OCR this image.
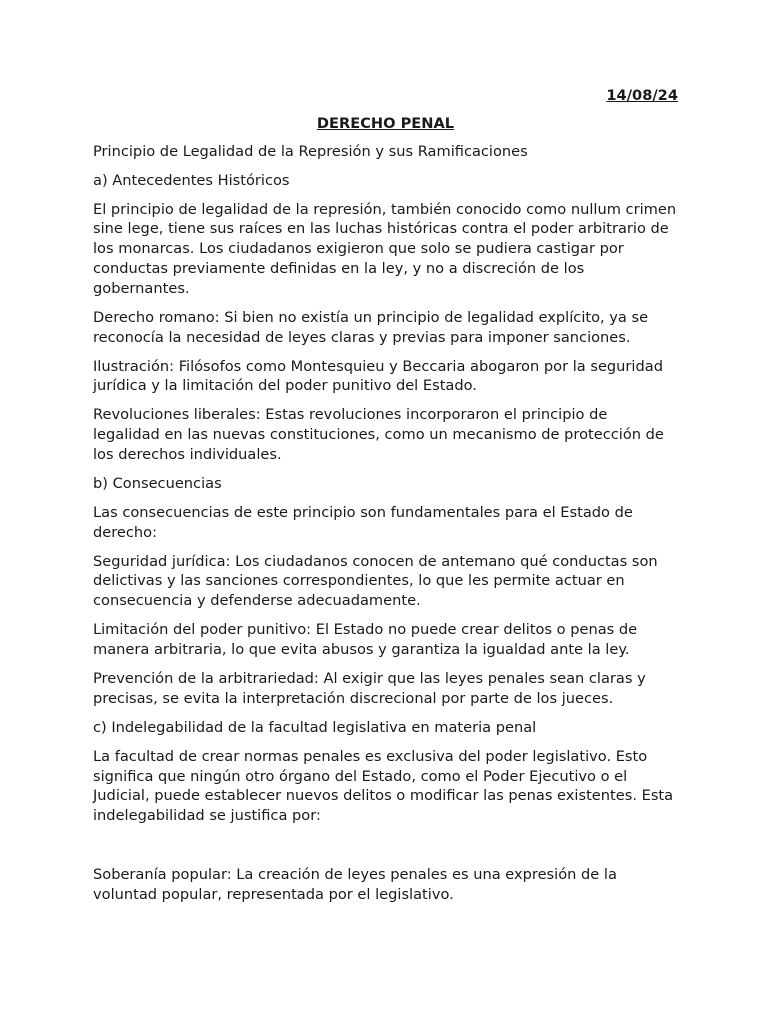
14/08/24
DERECHO PENAL

Principio de Legalidad de la Represión y sus Ramificaciones

a) Antecedentes Históricos

El principio de legalidad de la represión, también conocido como nullum crimen sine lege, tiene sus raíces en las luchas históricas contra el poder arbitrario de los monarcas. Los ciudadanos exigieron que solo se pudiera castigar por conductas previamente definidas en la ley, y no a discreción de los gobernantes.

Derecho romano: Si bien no existía un principio de legalidad explícito, ya se reconocía la necesidad de leyes claras y previas para imponer sanciones.

Ilustración: Filósofos como Montesquieu y Beccaria abogaron por la seguridad jurídica y la limitación del poder punitivo del Estado.

Revoluciones liberales: Estas revoluciones incorporaron el principio de legalidad en las nuevas constituciones, como un mecanismo de protección de los derechos individuales.

b) Consecuencias

Las consecuencias de este principio son fundamentales para el Estado de derecho:

Seguridad jurídica: Los ciudadanos conocen de antemano qué conductas son delictivas y las sanciones correspondientes, lo que les permite actuar en consecuencia y defenderse adecuadamente.

Limitación del poder punitivo: El Estado no puede crear delitos o penas de manera arbitraria, lo que evita abusos y garantiza la igualdad ante la ley.

Prevención de la arbitrariedad: Al exigir que las leyes penales sean claras y precisas, se evita la interpretación discrecional por parte de los jueces.

c) Indelegabilidad de la facultad legislativa en materia penal

La facultad de crear normas penales es exclusiva del poder legislativo. Esto significa que ningún otro órgano del Estado, como el Poder Ejecutivo o el Judicial, puede establecer nuevos delitos o modificar las penas existentes. Esta indelegabilidad se justifica por:

Soberanía popular: La creación de leyes penales es una expresión de la voluntad popular, representada por el legislativo.
